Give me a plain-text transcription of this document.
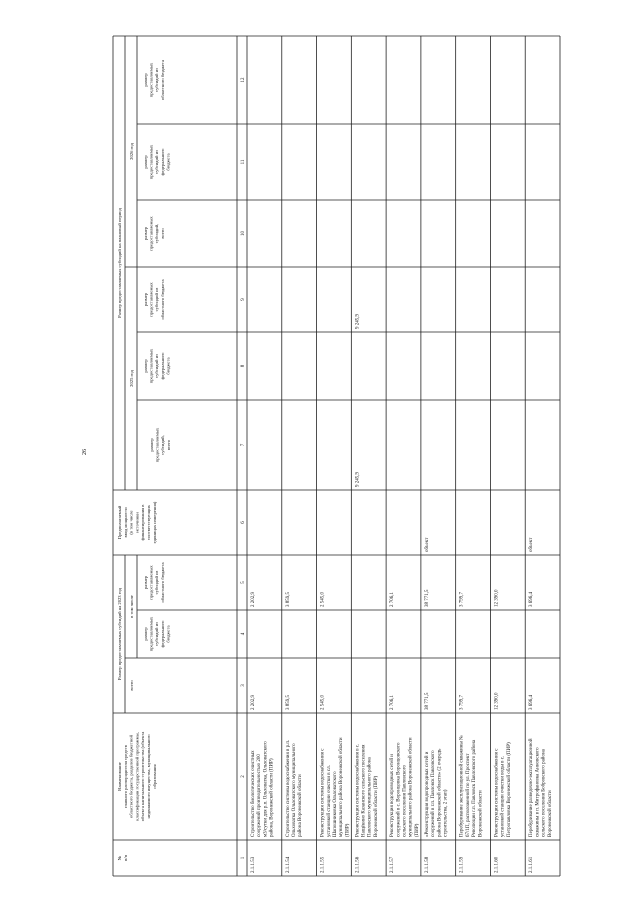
26
№ п/п
Наименование главного распорядителя средств областного бюджета, разделов бюджетной классификации государственной программы, объекта капитального строительства (объекта недвижимого имущества, муниципального образования
Размер предоставляемых субсидий на 2023 год
всего
в том числе
размер предоставляемых субсидий из федерального бюджета
размер предоставляемых субсидий из областного бюджета
Предполагаемый ввод мощности (в том числе источники финансирования в соответствующих единицах измерения)
Размер предоставляемых субсидий на плановый период
2025 год
2026 год
размер предоставляемых субсидий, всего
размер предоставляемых субсидий из федерального бюджета
размер предоставляемых субсидий из областного бюджета
размер предоставляемых субсидий, всего
размер предоставляемых субсидий из федерального бюджета
размер предоставляемых субсидий из областного бюджета
1
2
3
4
5
6
7
8
9
10
11
12
2.1.1.53
Строительство биологических очистных сооружений производительностью 200 м3/сутки для р.п. Ольховатка, Ольховатского района, Воронежской области (ПИР)
2 202,9
2 202,9
2.1.1.54
Строительство системы водоснабжения в р.п. Ольховатка Ольховатского муниципального района Воронежской области
3 859,5
3 859,5
2.1.1.55
Реконструкция системы водоснабжения с установкой станции очистки в сл. Шапошниковка Ольховатского муниципального района Воронежской области (ПИР)
2 545,0
2 545,0
2.1.1.56
Реконструкция системы водоснабжения в с. Нащёкино Казанского сельского поселения Павловского муниципального района Воронежской области (ПИР)
9 245,9
9 245,9
2.1.1.57
Реконструкция водопроводных сетей и сооружений в с. Воронцовка Воронцовского сельского поселения Павловского муниципального района Воронежской области (ПИР)
2 706,1
2 706,1
2.1.1.58
«Реконструкция водопроводных сетей и сооружений в г.п. Павловск Павловского района Воронежской области» (2 очередь строительства, 2 этап)
38 771,5
38 771,5
объект
2.1.1.59
Перебуривание эксплуатационной скважины № 67/1П, расположенной по ул. Проспект Революции г.п. Павловск Павловского района Воронежской области
3 799,7
3 799,7
2.1.1.60
Реконструкция системы водоснабжения с установкой станции очистки воды в с. Петропавловка Воронежской области (ПИР)
12 390,0
12 390,0
2.1.1.61
Перебуривание разведочно-эксплуатационной скважины в п. Митрофановка Анновского сельского поселения Бобровского района Воронежской области
3 696,4
3 696,4
объект
